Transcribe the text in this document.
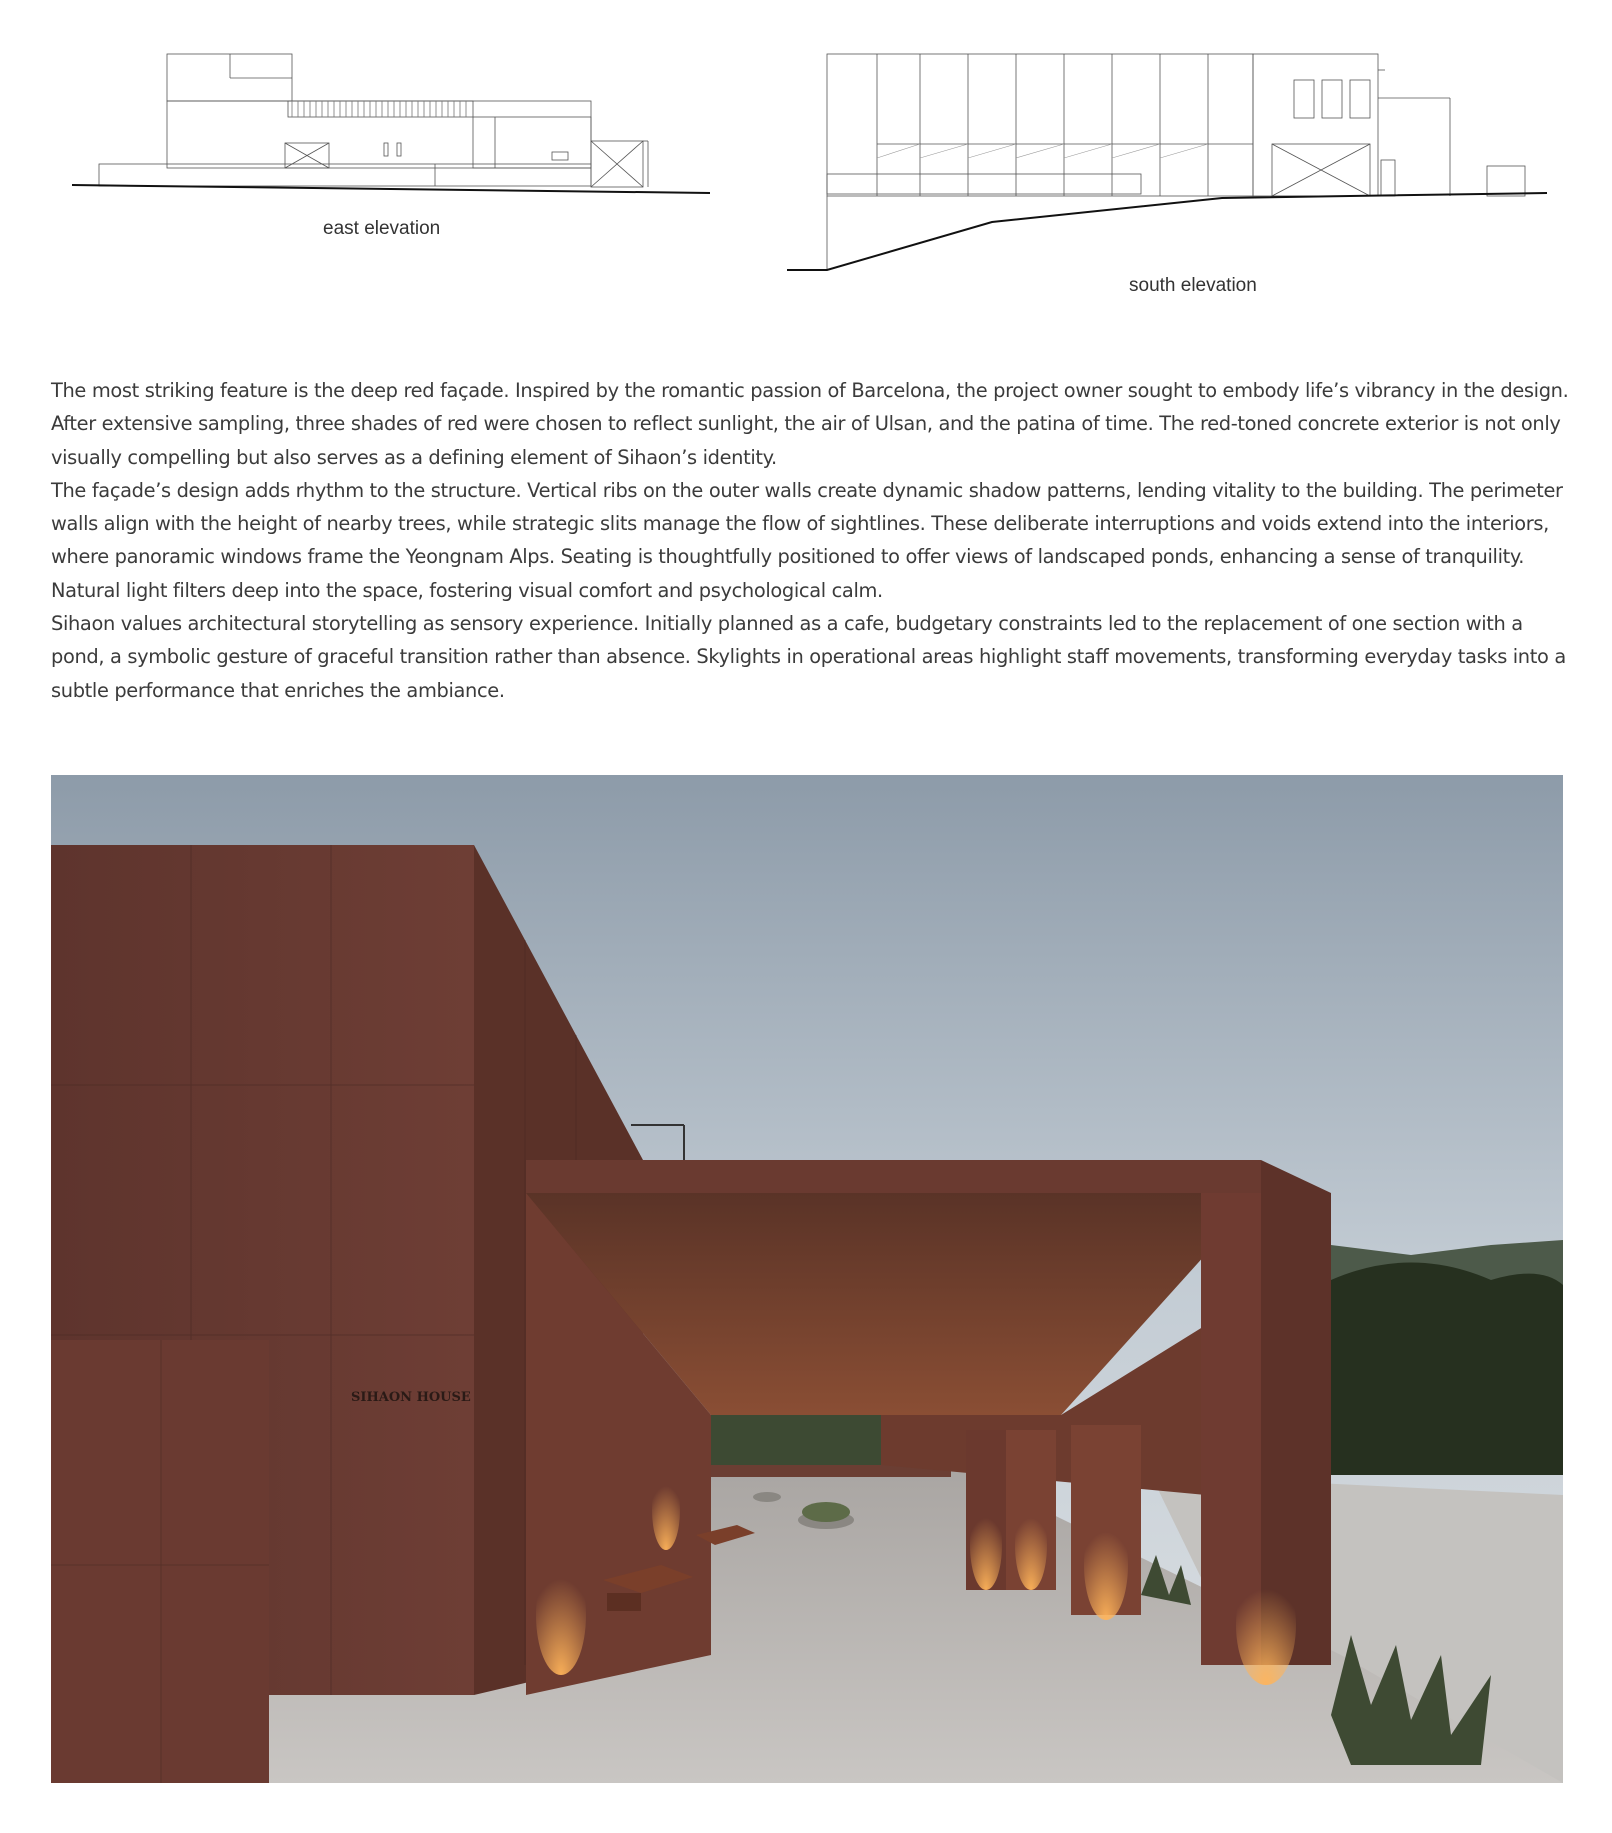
east elevation
south elevation

The most striking feature is the deep red façade. Inspired by the romantic passion of Barcelona, the project owner sought to embody life’s vibrancy in the design. After extensive sampling, three shades of red were chosen to reflect sunlight, the air of Ulsan, and the patina of time. The red-toned concrete exterior is not only visually compelling but also serves as a defining element of Sihaon’s identity.

The façade’s design adds rhythm to the structure. Vertical ribs on the outer walls create dynamic shadow patterns, lending vitality to the building. The perimeter walls align with the height of nearby trees, while strategic slits manage the flow of sightlines. These deliberate interruptions and voids extend into the interiors, where panoramic windows frame the Yeongnam Alps. Seating is thoughtfully positioned to offer views of landscaped ponds, enhancing a sense of tranquility. Natural light filters deep into the space, fostering visual comfort and psychological calm.

Sihaon values architectural storytelling as sensory experience. Initially planned as a cafe, budgetary constraints led to the replacement of one section with a pond, a symbolic gesture of graceful transition rather than absence. Skylights in operational areas highlight staff movements, transforming everyday tasks into a subtle performance that enriches the ambiance.

SIHAON HOUSE
